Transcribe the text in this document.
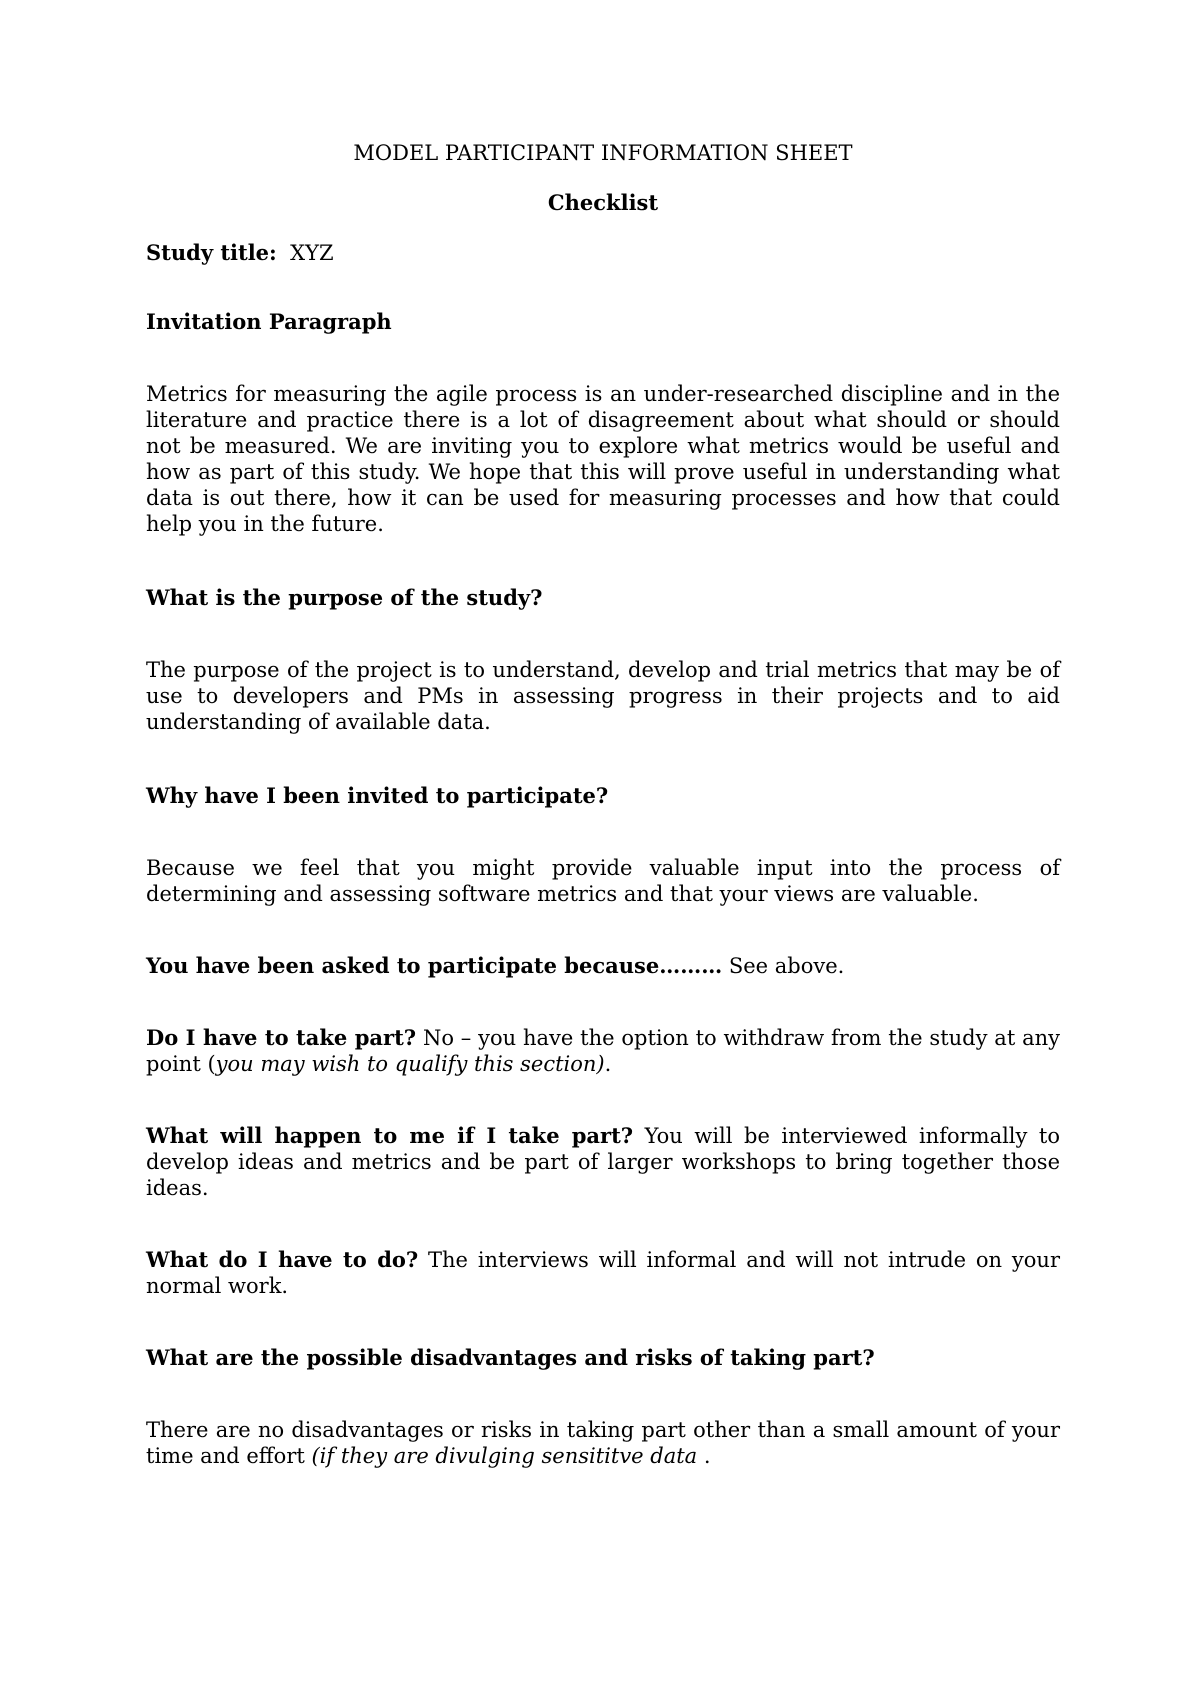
MODEL PARTICIPANT INFORMATION SHEET

Checklist

Study title: XYZ

Invitation Paragraph

Metrics for measuring the agile process is an under-researched discipline and in the literature and practice there is a lot of disagreement about what should or should not be measured. We are inviting you to explore what metrics would be useful and how as part of this study. We hope that this will prove useful in understanding what data is out there, how it can be used for measuring processes and how that could help you in the future.

What is the purpose of the study?

The purpose of the project is to understand, develop and trial metrics that may be of use to developers and PMs in assessing progress in their projects and to aid understanding of available data.

Why have I been invited to participate?

Because we feel that you might provide valuable input into the process of determining and assessing software metrics and that your views are valuable.

You have been asked to participate because……… See above.

Do I have to take part? No – you have the option to withdraw from the study at any point (you may wish to qualify this section).

What will happen to me if I take part? You will be interviewed informally to develop ideas and metrics and be part of larger workshops to bring together those ideas.

What do I have to do? The interviews will informal and will not intrude on your normal work.

What are the possible disadvantages and risks of taking part?

There are no disadvantages or risks in taking part other than a small amount of your time and effort (if they are divulging sensititve data .
